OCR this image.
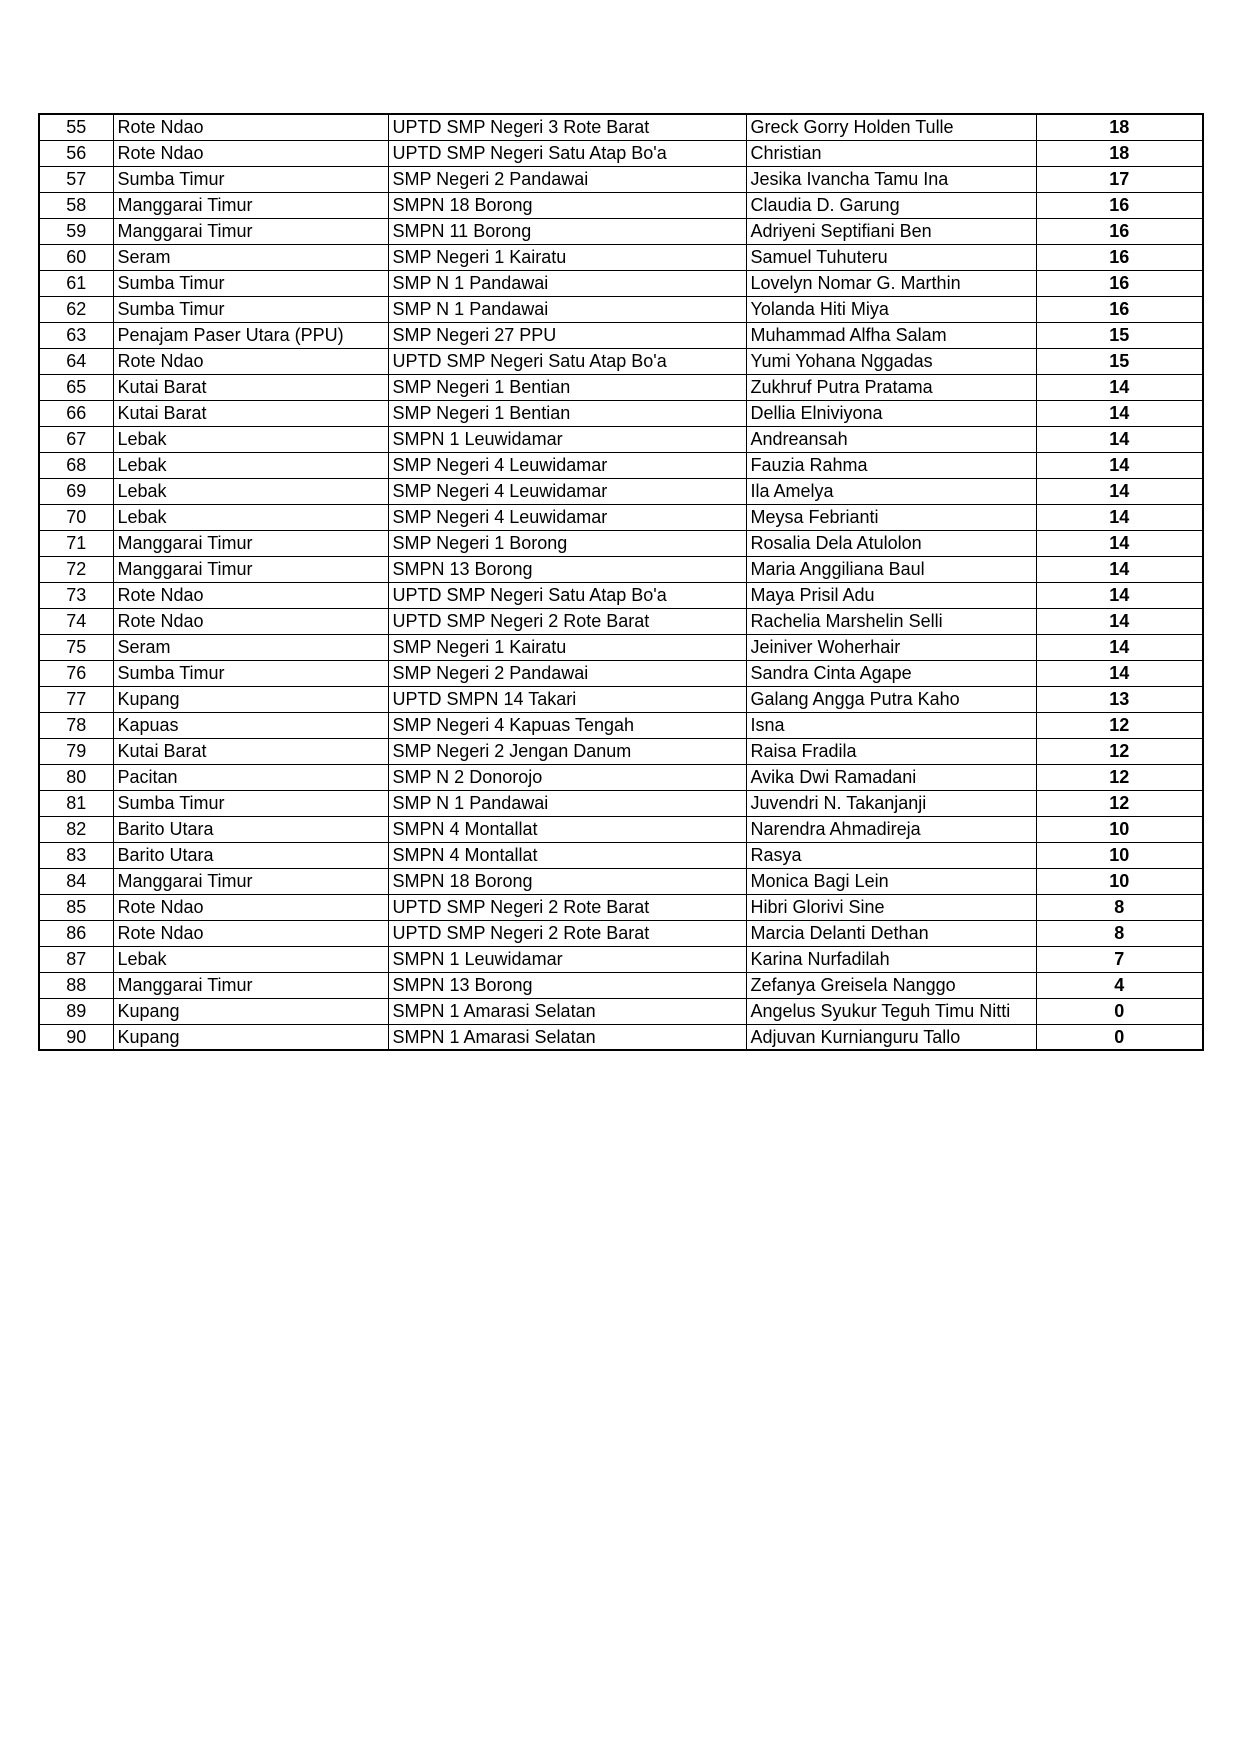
55	Rote Ndao	UPTD SMP Negeri 3 Rote Barat	Greck Gorry Holden Tulle	18
56	Rote Ndao	UPTD SMP Negeri Satu Atap Bo'a	Christian	18
57	Sumba Timur	SMP Negeri 2 Pandawai	Jesika Ivancha Tamu Ina	17
58	Manggarai Timur	SMPN 18 Borong	Claudia D. Garung	16
59	Manggarai Timur	SMPN 11 Borong	Adriyeni Septifiani Ben	16
60	Seram	SMP Negeri 1 Kairatu	Samuel Tuhuteru	16
61	Sumba Timur	SMP N 1 Pandawai	Lovelyn Nomar G. Marthin	16
62	Sumba Timur	SMP N 1 Pandawai	Yolanda Hiti Miya	16
63	Penajam Paser Utara (PPU)	SMP Negeri 27 PPU	Muhammad Alfha Salam	15
64	Rote Ndao	UPTD SMP Negeri Satu Atap Bo'a	Yumi Yohana Nggadas	15
65	Kutai Barat	SMP Negeri 1 Bentian	Zukhruf Putra Pratama	14
66	Kutai Barat	SMP Negeri 1 Bentian	Dellia Elniviyona	14
67	Lebak	SMPN 1 Leuwidamar	Andreansah	14
68	Lebak	SMP Negeri 4 Leuwidamar	Fauzia Rahma	14
69	Lebak	SMP Negeri 4 Leuwidamar	Ila Amelya	14
70	Lebak	SMP Negeri 4 Leuwidamar	Meysa Febrianti	14
71	Manggarai Timur	SMP Negeri 1 Borong	Rosalia Dela Atulolon	14
72	Manggarai Timur	SMPN 13 Borong	Maria Anggiliana Baul	14
73	Rote Ndao	UPTD SMP Negeri Satu Atap Bo'a	Maya Prisil Adu	14
74	Rote Ndao	UPTD SMP Negeri 2 Rote Barat	Rachelia Marshelin Selli	14
75	Seram	SMP Negeri 1 Kairatu	Jeiniver Woherhair	14
76	Sumba Timur	SMP Negeri 2 Pandawai	Sandra Cinta Agape	14
77	Kupang	UPTD SMPN 14 Takari	Galang Angga Putra Kaho	13
78	Kapuas	SMP Negeri 4 Kapuas Tengah	Isna	12
79	Kutai Barat	SMP Negeri 2 Jengan Danum	Raisa Fradila	12
80	Pacitan	SMP N 2 Donorojo	Avika Dwi Ramadani	12
81	Sumba Timur	SMP N 1 Pandawai	Juvendri N. Takanjanji	12
82	Barito Utara	SMPN 4 Montallat	Narendra Ahmadireja	10
83	Barito Utara	SMPN 4 Montallat	Rasya	10
84	Manggarai Timur	SMPN 18 Borong	Monica Bagi Lein	10
85	Rote Ndao	UPTD SMP Negeri 2 Rote Barat	Hibri Glorivi Sine	8
86	Rote Ndao	UPTD SMP Negeri 2 Rote Barat	Marcia Delanti Dethan	8
87	Lebak	SMPN 1 Leuwidamar	Karina Nurfadilah	7
88	Manggarai Timur	SMPN 13 Borong	Zefanya Greisela Nanggo	4
89	Kupang	SMPN 1 Amarasi Selatan	Angelus Syukur Teguh Timu Nitti	0
90	Kupang	SMPN 1 Amarasi Selatan	Adjuvan Kurnianguru Tallo	0
